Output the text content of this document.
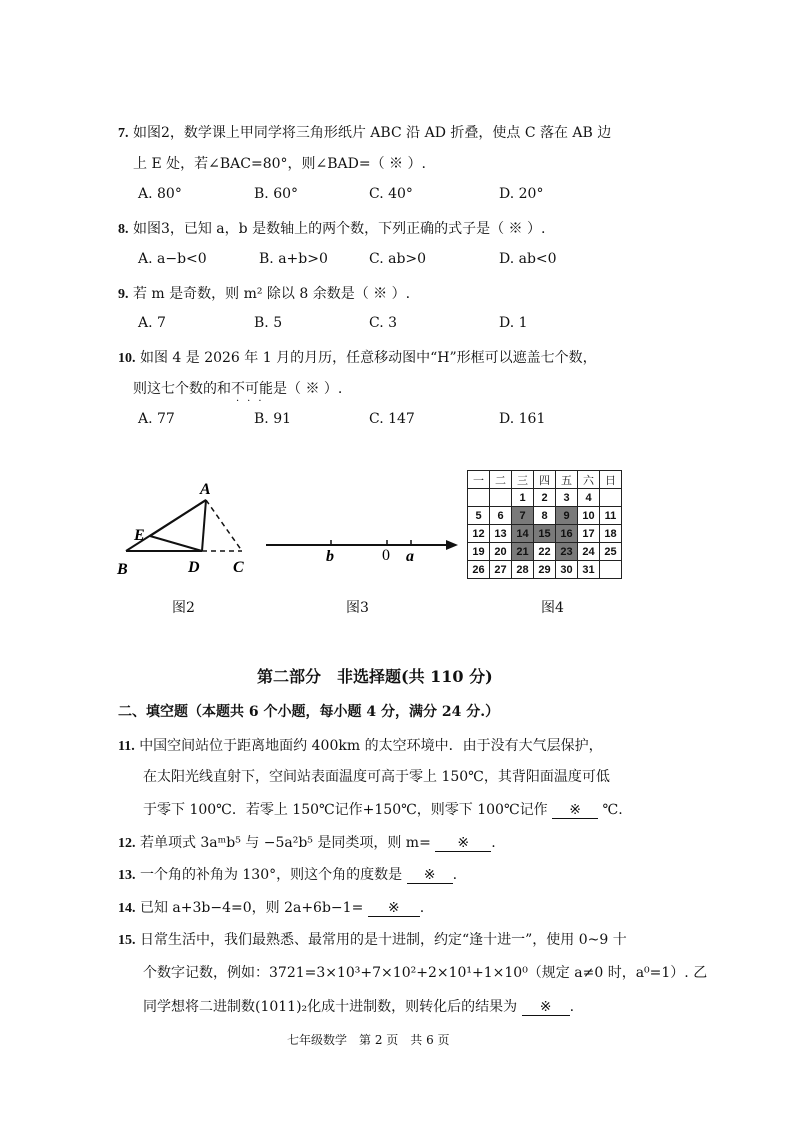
7. 如图2，数学课上甲同学将三角形纸片 ABC 沿 AD 折叠，使点 C 落在 AB 边
上 E 处，若∠BAC=80°，则∠BAD=（ ※ ）.
A. 80°	B. 60°	C. 40°	D. 20°
8. 如图3，已知 a，b 是数轴上的两个数，下列正确的式子是（ ※ ）.
A. a−b<0	B. a+b>0	C. ab>0	D. ab<0
9. 若 m 是奇数，则 m² 除以 8 余数是（ ※ ）.
A. 7	B. 5	C. 3	D. 1
10. 如图 4 是 2026 年 1 月的月历，任意移动图中“H”形框可以遮盖七个数，
则这七个数的和不可能是（ ※ ）.
···
A. 77	B. 91	C. 147	D. 161
A
E
B	D C
图2
b	0 a
图3
一	二	三	四	五	六	日
		1	2	3	4	
5	6	7	8	9	10	11
12	13	14	15	16	17	18
19	20	21	22	23	24	25
26	27	28	29	30	31	
图4
第二部分　非选择题(共 110 分)
二、填空题（本题共 6 个小题，每小题 4 分，满分 24 分.）
11. 中国空间站位于距离地面约 400km 的太空环境中．由于没有大气层保护，
在太阳光线直射下，空间站表面温度可高于零上 150℃，其背阳面温度可低
于零下 100℃．若零上 150℃记作+150℃，则零下 100℃记作 ※ ℃.
12. 若单项式 3aᵐb⁵ 与 −5a²b⁵ 是同类项，则 m= ※ .
13. 一个角的补角为 130°，则这个角的度数是 ※ .
14. 已知 a+3b−4=0，则 2a+6b−1= ※ .
15. 日常生活中，我们最熟悉、最常用的是十进制，约定“逢十进一”，使用 0~9 十
个数字记数，例如：3721=3×10³+7×10²+2×10¹+1×10⁰（规定 a≠0 时，a⁰=1）. 乙
同学想将二进制数(1011)₂化成十进制数，则转化后的结果为 ※ .
七年级数学　第 2 页　共 6 页
